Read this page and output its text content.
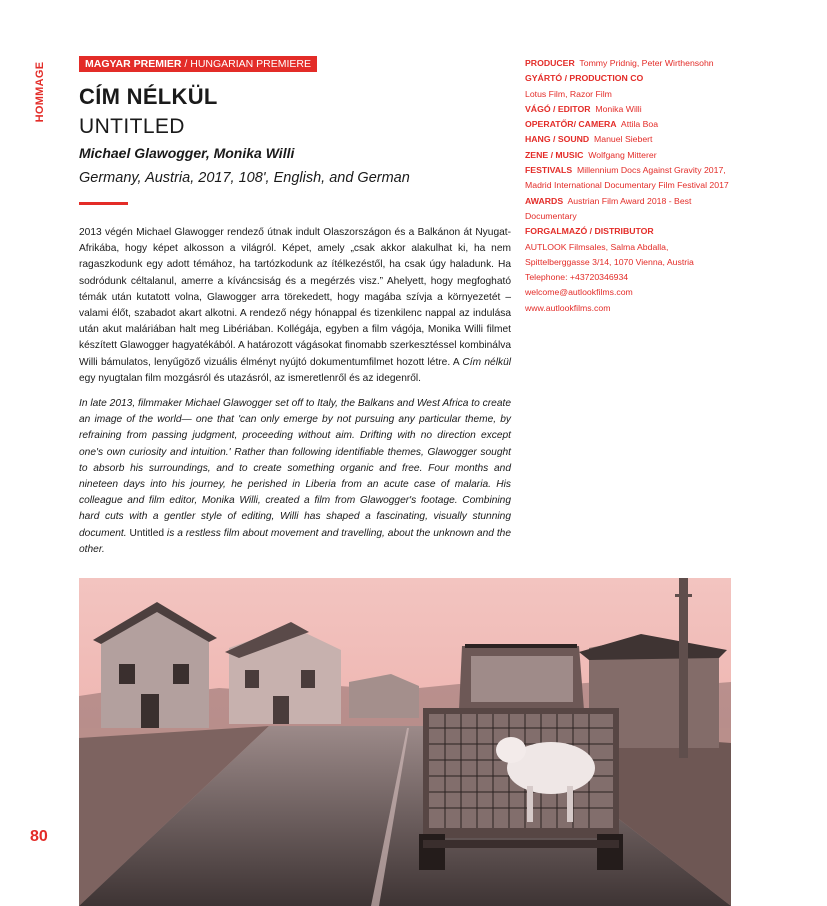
HOMMAGE	MAGYAR PREMIER / HUNGARIAN PREMIERE
CÍM NÉLKÜL
UNTITLED
Michael Glawogger, Monika Willi
Germany, Austria, 2017, 108', English, and German

2013 végén Michael Glawogger rendező útnak indult Olaszországon és a Balkánon át Nyugat-Afrikába, hogy képet alkosson a világról. Képet, amely „csak akkor alakulhat ki, ha nem ragaszkodunk egy adott témához, ha tartózkodunk az ítélkezéstől, ha csak úgy haladunk. Ha sodródunk céltalanul, amerre a kíváncsiság és a megérzés visz.” Ahelyett, hogy megfogható témák után kutatott volna, Glawogger arra törekedett, hogy magába szívja a környezetét – valami élőt, szabadot akart alkotni. A rendező négy hónappal és tizenkilenc nappal az indulása után akut maláriában halt meg Libériában. Kollégája, egyben a film vágója, Monika Willi filmet készített Glawogger hagyatékából. A határozott vágásokat finomabb szerkesztéssel kombinálva Willi bámulatos, lenyűgöző vizuális élményt nyújtó dokumentumfilmet hozott létre. A Cím nélkül egy nyugtalan film mozgásról és utazásról, az ismeretlenről és az idegenről.

In late 2013, filmmaker Michael Glawogger set off to Italy, the Balkans and West Africa to create an image of the world— one that 'can only emerge by not pursuing any particular theme, by refraining from passing judgment, proceeding without aim. Drifting with no direction except one's own curiosity and intuition.' Rather than following identifiable themes, Glawogger sought to absorb his surroundings, and to create something organic and free. Four months and nineteen days into his journey, he perished in Liberia from an acute case of malaria. His colleague and film editor, Monika Willi, created a film from Glawogger's footage. Combining hard cuts with a gentler style of editing, Willi has shaped a fascinating, visually stunning document. Untitled is a restless film about movement and travelling, about the unknown and the other.

PRODUCER Tommy Pridnig, Peter Wirthensohn

GYÁRTÓ / PRODUCTION CO
Lotus Film, Razor Film

VÁGÓ / EDITOR Monika Willi

OPERATŐR/ CAMERA Attila Boa

HANG / SOUND Manuel Siebert

ZENE / MUSIC Wolfgang Mitterer

FESTIVALS Millennium Docs Against Gravity 2017, Madrid International Documentary Film Festival 2017

AWARDS Austrian Film Award 2018 - Best Documentary

FORGALMAZÓ / DISTRIBUTOR
AUTLOOK Filmsales, Salma Abdalla,
Spittelberggasse 3/14, 1070 Vienna, Austria
Telephone: +43720346934
welcome@autlookfilms.com
www.autlookfilms.com

80
